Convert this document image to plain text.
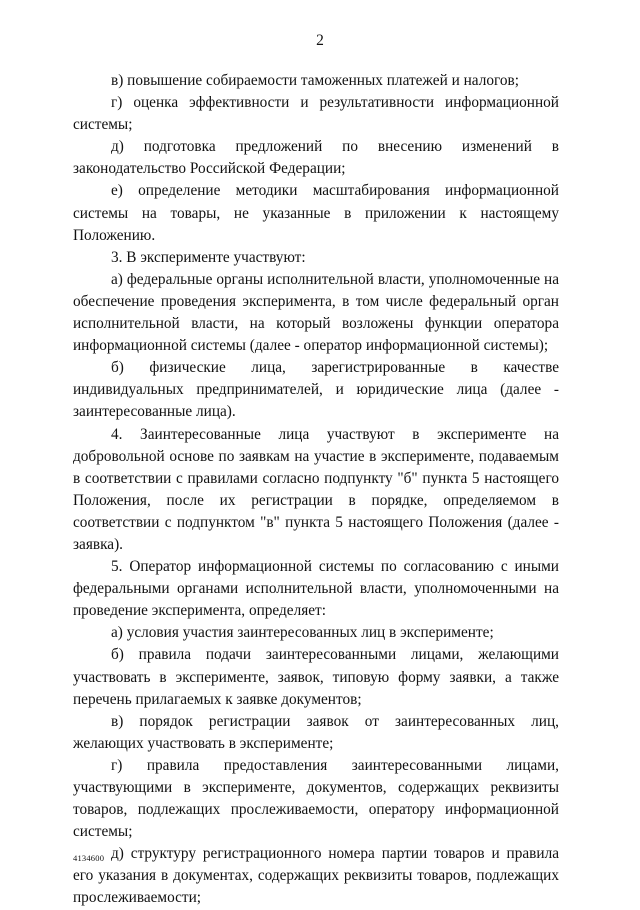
2

в) повышение собираемости таможенных платежей и налогов;

г) оценка эффективности и результативности информационной системы;

д) подготовка предложений по внесению изменений в законодательство Российской Федерации;

е) определение методики масштабирования информационной системы на товары, не указанные в приложении к настоящему Положению.

3. В эксперименте участвуют:

а) федеральные органы исполнительной власти, уполномоченные на обеспечение проведения эксперимента, в том числе федеральный орган исполнительной власти, на который возложены функции оператора информационной системы (далее - оператор информационной системы);

б) физические лица, зарегистрированные в качестве индивидуальных предпринимателей, и юридические лица (далее - заинтересованные лица).

4. Заинтересованные лица участвуют в эксперименте на добровольной основе по заявкам на участие в эксперименте, подаваемым в соответствии с правилами согласно подпункту "б" пункта 5 настоящего Положения, после их регистрации в порядке, определяемом в соответствии с подпунктом "в" пункта 5 настоящего Положения (далее - заявка).

5. Оператор информационной системы по согласованию с иными федеральными органами исполнительной власти, уполномоченными на проведение эксперимента, определяет:

а) условия участия заинтересованных лиц в эксперименте;

б) правила подачи заинтересованными лицами, желающими участвовать в эксперименте, заявок, типовую форму заявки, а также перечень прилагаемых к заявке документов;

в) порядок регистрации заявок от заинтересованных лиц, желающих участвовать в эксперименте;

г) правила предоставления заинтересованными лицами, участвующими в эксперименте, документов, содержащих реквизиты товаров, подлежащих прослеживаемости, оператору информационной системы;

д) структуру регистрационного номера партии товаров и правила его указания в документах, содержащих реквизиты товаров, подлежащих прослеживаемости;

4134600
